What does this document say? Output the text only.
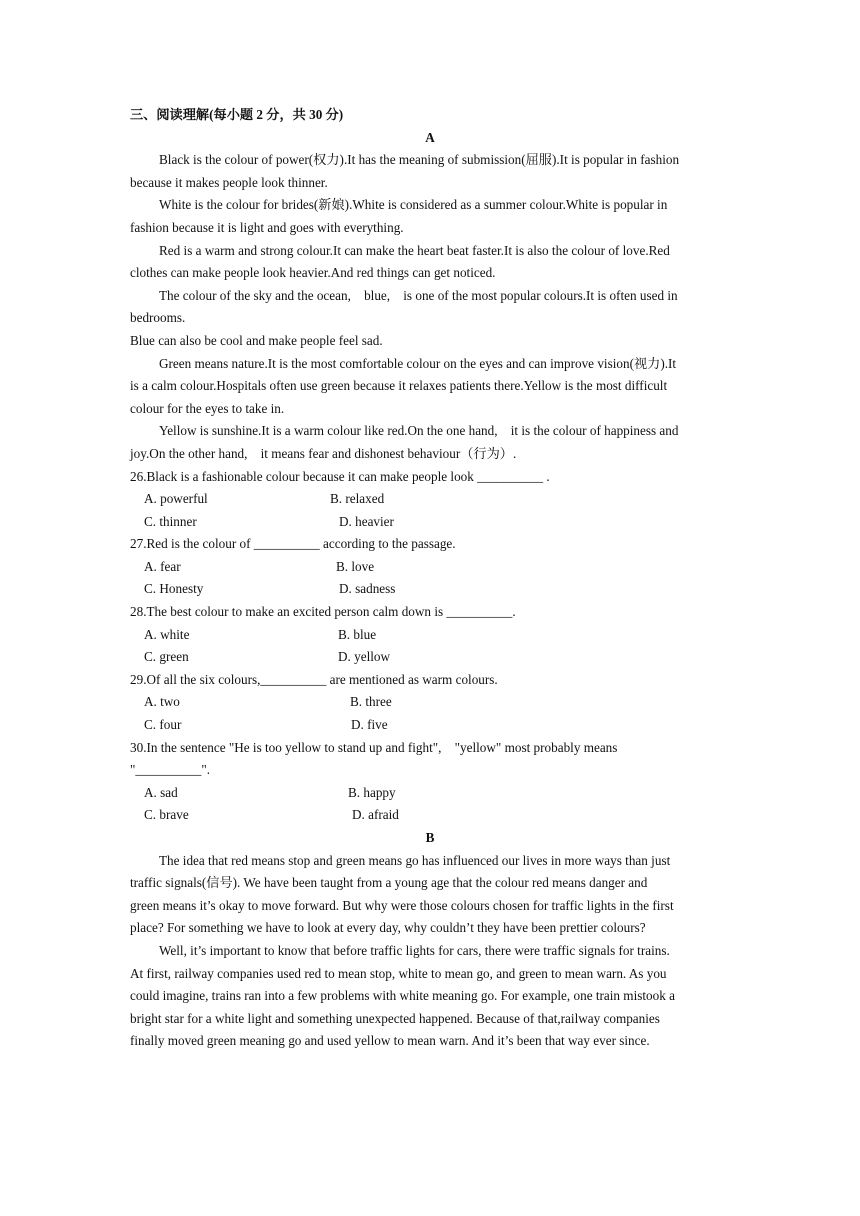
三、阅读理解(每小题 2 分，共 30 分)
A
Black is the colour of power(权力).It has the meaning of submission(屈服).It is popular in fashion
because it makes people look thinner.
White is the colour for brides(新娘).White is considered as a summer colour.White is popular in
fashion because it is light and goes with everything.
Red is a warm and strong colour.It can make the heart beat faster.It is also the colour of love.Red
clothes can make people look heavier.And red things can get noticed.
The colour of the sky and the ocean,　blue,　is one of the most popular colours.It is often used in
bedrooms.
Blue can also be cool and make people feel sad.
Green means nature.It is the most comfortable colour on the eyes and can improve vision(视力).It
is a calm colour.Hospitals often use green because it relaxes patients there.Yellow is the most difficult
colour for the eyes to take in.
Yellow is sunshine.It is a warm colour like red.On the one hand,　it is the colour of happiness and
joy.On the other hand,　it means fear and dishonest behaviour（行为）.
26.Black is a fashionable colour because it can make people look __________ .
A. powerful	B. relaxed
C. thinner	D. heavier
27.Red is the colour of __________ according to the passage.
A. fear	B. love
C. Honesty	D. sadness
28.The best colour to make an excited person calm down is __________.
A. white	B. blue
C. green	D. yellow
29.Of all the six colours,__________ are mentioned as warm colours.
A. two	B. three
C. four	D. five
30.In the sentence "He is too yellow to stand up and fight",　"yellow" most probably means
"__________".
A. sad	B. happy
C. brave	D. afraid
B
The idea that red means stop and green means go has influenced our lives in more ways than just
traffic signals(信号). We have been taught from a young age that the colour red means danger and
green means it’s okay to move forward. But why were those colours chosen for traffic lights in the first
place? For something we have to look at every day, why couldn’t they have been prettier colours?
Well, it’s important to know that before traffic lights for cars, there were traffic signals for trains.
At first, railway companies used red to mean stop, white to mean go, and green to mean warn. As you
could imagine, trains ran into a few problems with white meaning go. For example, one train mistook a
bright star for a white light and something unexpected happened. Because of that,railway companies
finally moved green meaning go and used yellow to mean warn. And it’s been that way ever since.
